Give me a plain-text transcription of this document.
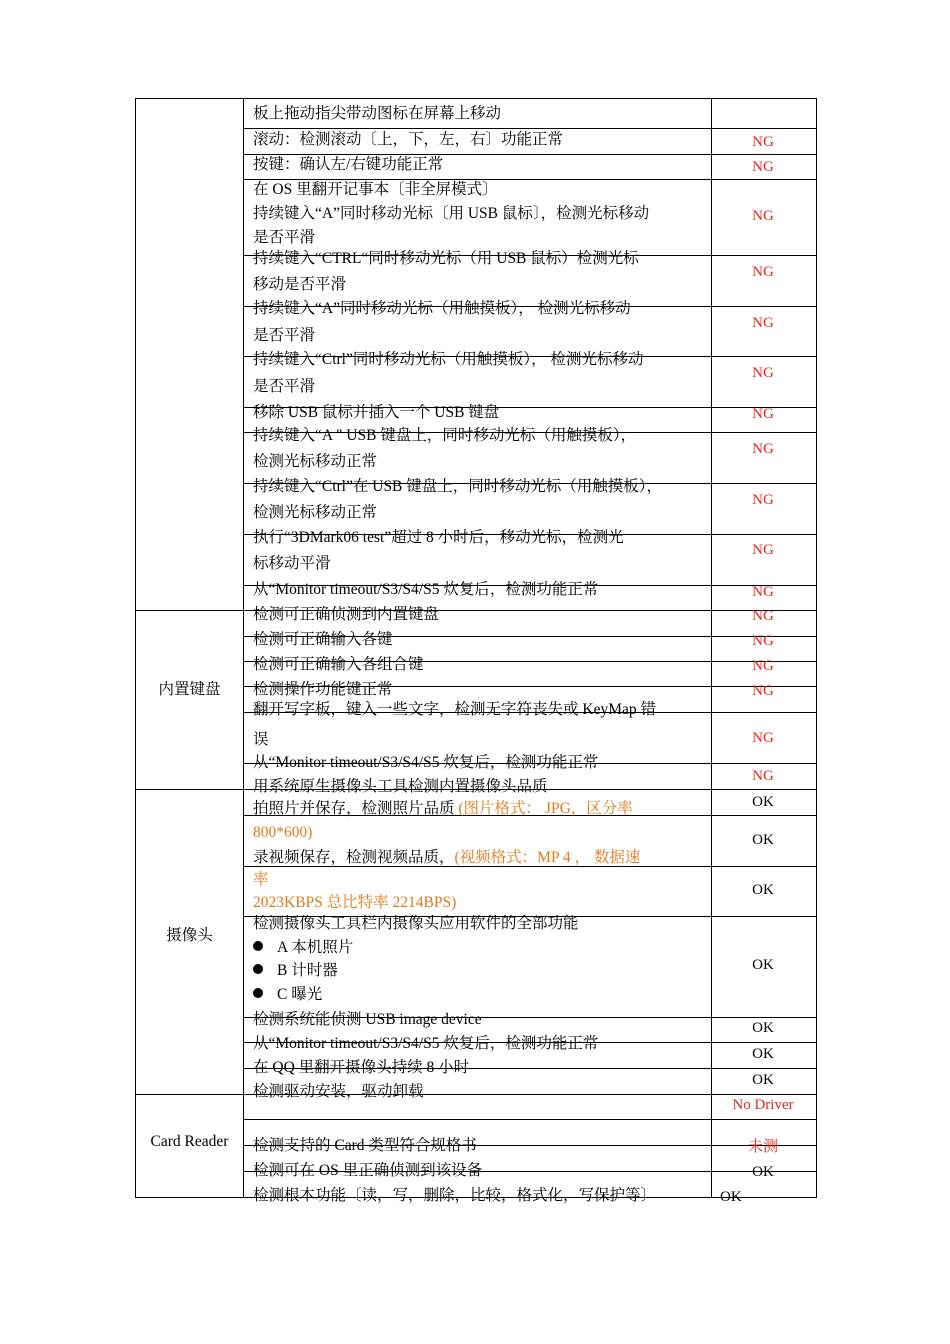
内置键盘
摄像头
Card Reader
板上拖动指尖带动图标在屏幕上移动
滚动：检测滚动〔上，下，左，右〕功能正常
按键：确认左/右键功能正常
在 OS 里翻开记事本〔非全屏模式〕
持续键入“A”同时移动光标〔用 USB 鼠标〕，检测光标移动
是否平滑
持续键入“CTRL“同时移动光标（用 USB 鼠标）检测光标
移动是否平滑
持续键入“A”同时移动光标（用触摸板）， 检测光标移动
是否平滑
持续键入“Ctrl”同时移动光标（用触摸板）， 检测光标移动
是否平滑
移除 USB 鼠标并插入一个 USB 键盘
持续键入“A " USB 键盘上，同时移动光标（用触摸板），
检测光标移动正常
持续键入“Ctrl”在 USB 键盘上，同时移动光标（用触摸板），
检测光标移动正常
执行“3DMark06 test”超过 8 小时后，移动光标，检测光
标移动平滑
从“Monitor timeout/S3/S4/S5 炊复后，检测功能正常
检测可正确侦测到内置键盘
检测可正确输入各键
检测可正确输入各组合键
检测操作功能键正常
翻开写字板，键入一些文字，检测无字符丧失或 KeyMap 错
误
从“Monitor timeout/S3/S4/S5 炊复后，检测功能正常
用系统原生摄像头工具检测内置摄像头品质
拍照片并保存，检测照片品质 (图片格式： JPG，区分率
800*600)
录视频保存，检测视频品质，(视频格式：MP 4 ， 数据速
率
2023KBPS 总比特率 2214BPS)
检测摄像头工具栏内摄像头应用软件的全部功能
A 本机照片
B 计时器
C 曝光
检测系统能侦测 USB image device
从“Monitor timeout/S3/S4/S5 炊复后，检测功能正常
在 QQ 里翻开摄像头持续 8 小时
检测驱动安装，驱动卸载
检测支持的 Card 类型符合规格书
检测可在 OS 里正确侦测到该设备
检测根本功能〔读，写，删除，比较，格式化，写保护等〕
NG
NG
NG
NG
NG
NG
NG
NG
NG
NG
NG
NG
NG
NG
NG
NG
NG
OK
OK
OK
OK
OK
OK
OK
No Driver
未测
OK
OK
